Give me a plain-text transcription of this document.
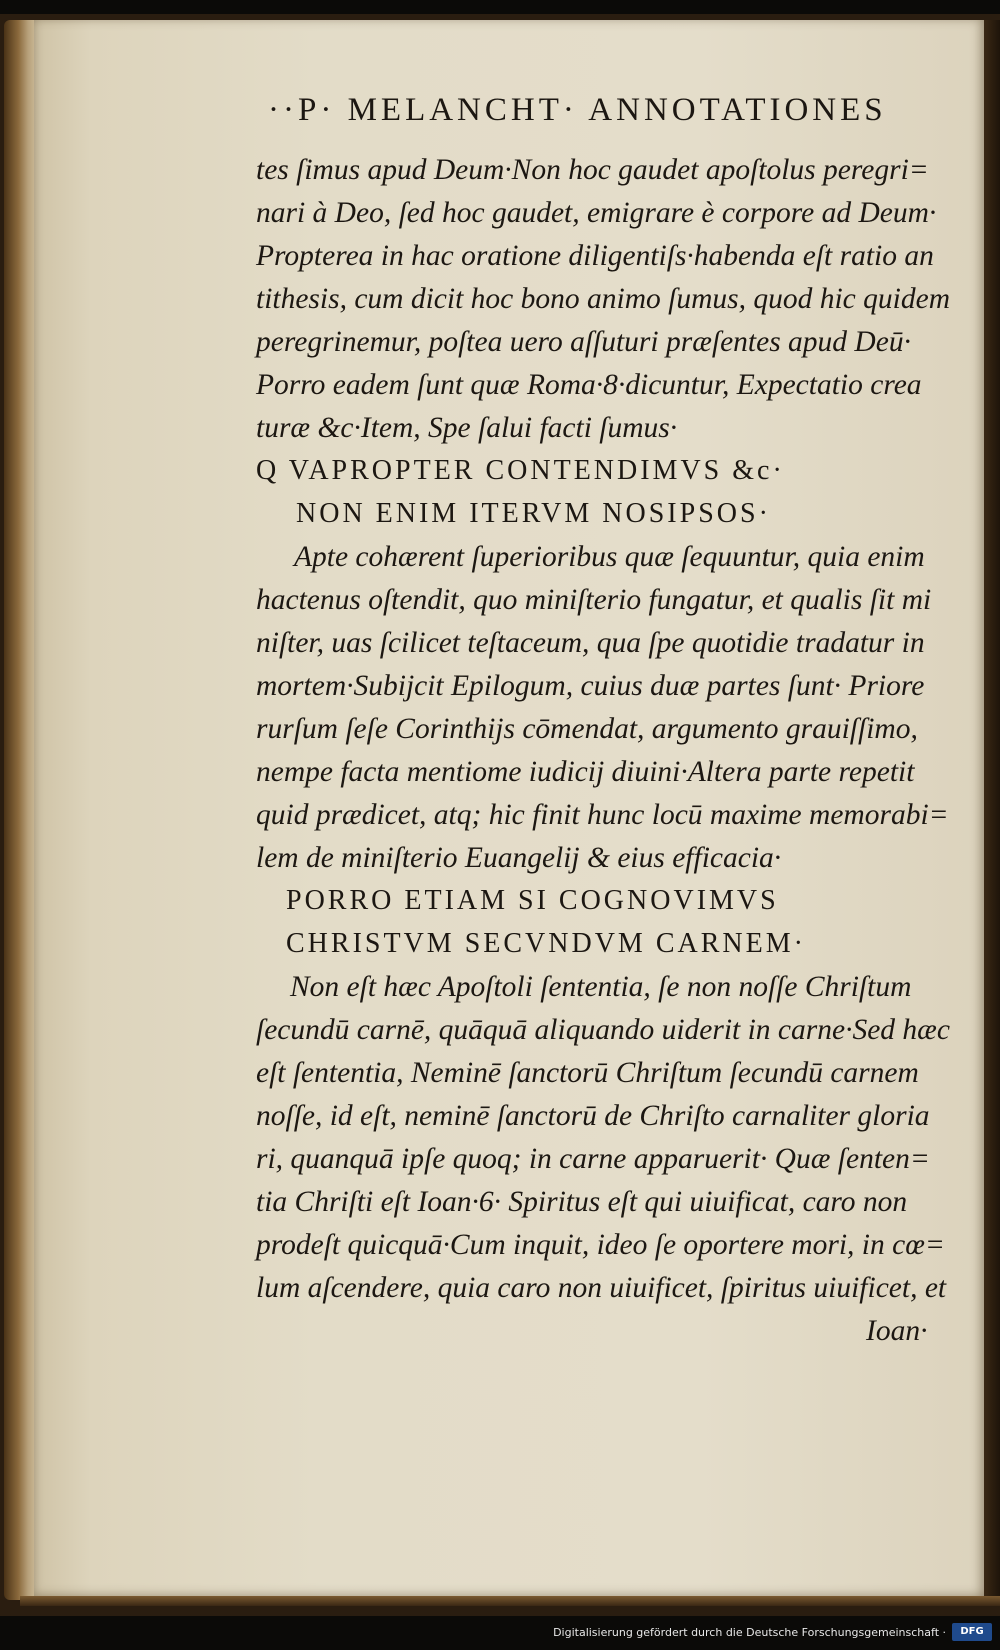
··P· MELANCHT· ANNOTATIONES
tes ſimus apud Deum·Non hoc gaudet apoſtolus peregri=
nari à Deo, ſed hoc gaudet, emigrare è corpore ad Deum·
Propterea in hac oratione diligentiſs·habenda eſt ratio an
tithesis, cum dicit hoc bono animo ſumus, quod hic quidem
peregrinemur, poſtea uero aſſuturi præſentes apud Deū·
Porro eadem ſunt quæ Roma·8·dicuntur, Expectatio crea
turæ &c·Item, Spe ſalui facti ſumus·
Q VAPROPTER CONTENDIMVS &c·
NON ENIM ITERVM NOSIPSOS·
Apte cohærent ſuperioribus quæ ſequuntur, quia enim
hactenus oſtendit, quo miniſterio fungatur, et qualis ſit mi
niſter, uas ſcilicet teſtaceum, qua ſpe quotidie tradatur in
mortem·Subijcit Epilogum, cuius duæ partes ſunt· Priore
rurſum ſeſe Corinthijs cōmendat, argumento grauiſſimo,
nempe facta mentiome iudicij diuini·Altera parte repetit
quid prædicet, atq; hic finit hunc locū maxime memorabi=
lem de miniſterio Euangelij & eius efficacia·
PORRO ETIAM SI COGNOVIMVS
CHRISTVM SECVNDVM CARNEM·
Non eſt hæc Apoſtoli ſententia, ſe non noſſe Chriſtum
ſecundū carnē, quāquā aliquando uiderit in carne·Sed hæc
eſt ſententia, Neminē ſanctorū Chriſtum ſecundū carnem
noſſe, id eſt, neminē ſanctorū de Chriſto carnaliter gloria
ri, quanquā ipſe quoq; in carne apparuerit· Quæ ſenten=
tia Chriſti eſt Ioan·6· Spiritus eſt qui uiuificat, caro non
prodeſt quicquā·Cum inquit, ideo ſe oportere mori, in cœ=
lum aſcendere, quia caro non uiuificet, ſpiritus uiuificet, et
Ioan·
Digitalisierung gefördert durch die Deutsche Forschungsgemeinschaft ·	DFG
